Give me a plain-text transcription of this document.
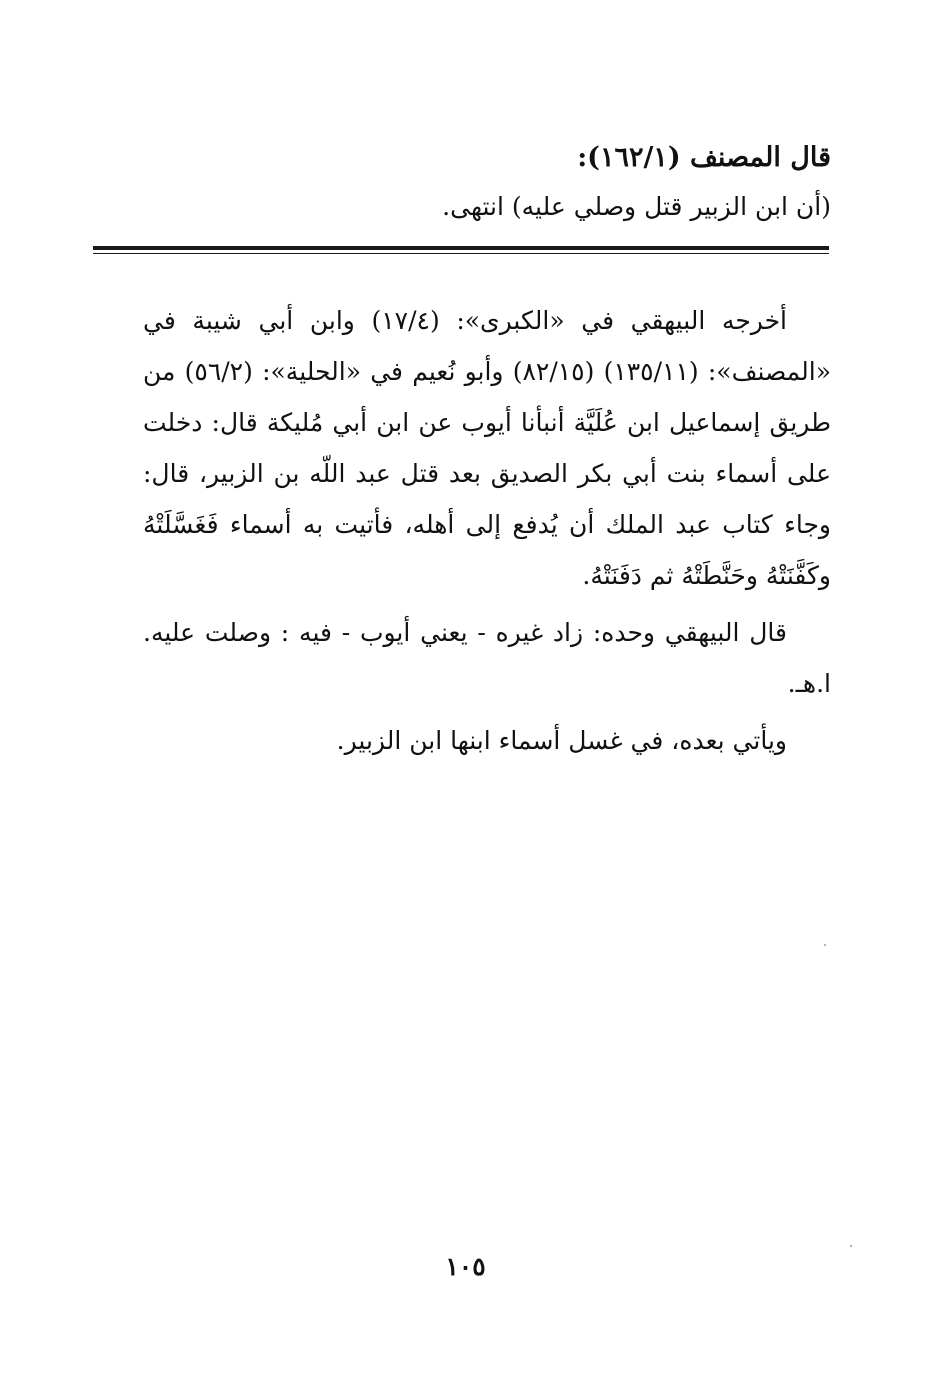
قال المصنف (١٦٢/١):

(أن ابن الزبير قتل وصلي عليه) انتهى.

أخرجه البيهقي في «الكبرى»: (١٧/٤) وابن أبي شيبة في «المصنف»: (١٣٥/١١) (٨٢/١٥) وأبو نُعيم في «الحلية»: (٥٦/٢) من طريق إسماعيل ابن عُلَيَّة أنبأنا أيوب عن ابن أبي مُليكة قال: دخلت على أسماء بنت أبي بكر الصديق بعد قتل عبد اللّه بن الزبير، قال: وجاء كتاب عبد الملك أن يُدفع إلى أهله، فأتيت به أسماء فَغَسَّلَتْهُ وكَفَّنَتْهُ وحَنَّطَتْهُ ثم دَفَنَتْهُ.

قال البيهقي وحده: زاد غيره - يعني أيوب - فيه : وصلت عليه. ا.هـ.

ويأتي بعده، في غسل أسماء ابنها ابن الزبير.

١٠٥
